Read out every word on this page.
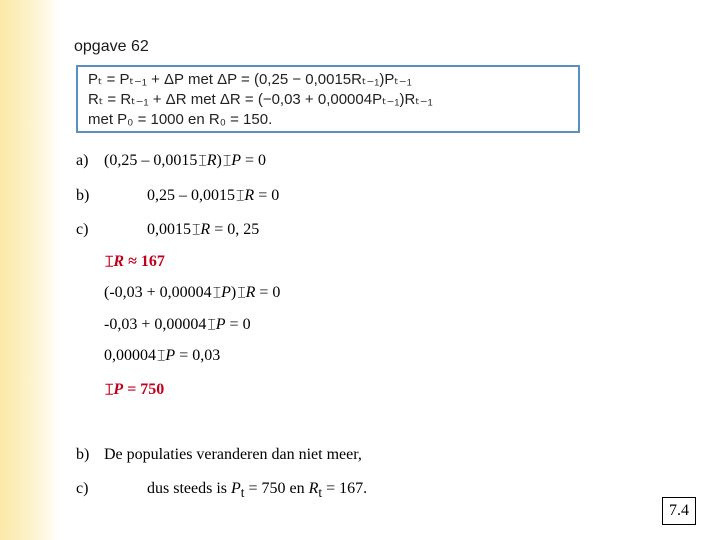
opgave 62
Pₜ = Pₜ₋₁ + ΔP met ΔP = (0,25 − 0,0015Rₜ₋₁)Pₜ₋₁
Rₜ = Rₜ₋₁ + ΔR met ΔR = (−0,03 + 0,00004Pₜ₋₁)Rₜ₋₁
met P₀ = 1000 en R₀ = 150.
a) (0,25 – 0,0015⌶R)⌶P = 0
b)	0,25 – 0,0015⌶R = 0
c)	0,0015⌶R = 0, 25
⌶R ≈ 167
(-0,03 + 0,00004⌶P)⌶R = 0
-0,03 + 0,00004⌶P = 0
0,00004⌶P = 0,03
⌶P = 750
b) De populaties veranderen dan niet meer,
c)	dus steeds is $P_t = 750$ en $R_t = 167$.
7.4
